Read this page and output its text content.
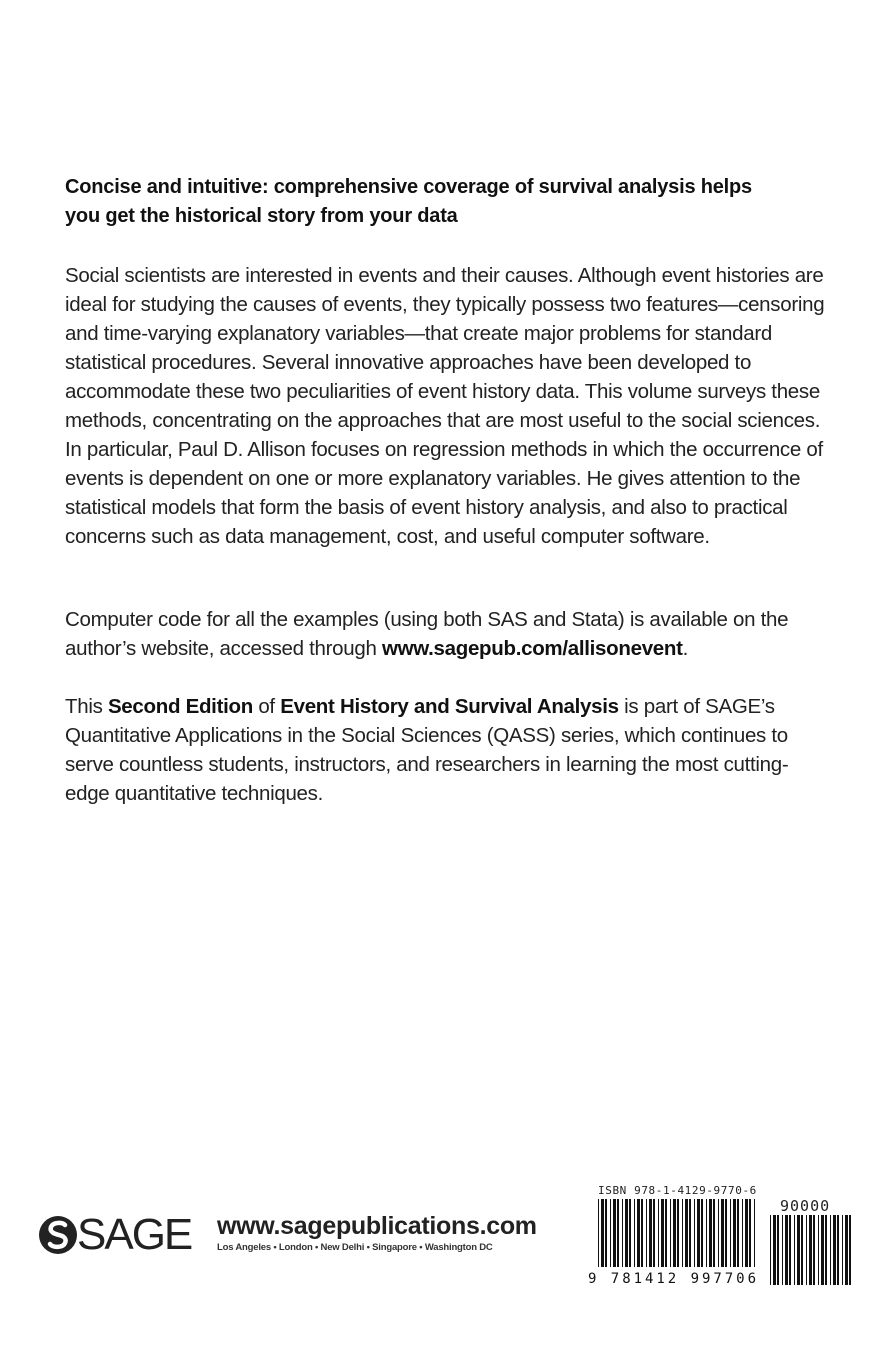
Concise and intuitive: comprehensive coverage of survival analysis helps
you get the historical story from your data
Social scientists are interested in events and their causes. Although event histories are ideal for studying the causes of events, they typically possess two features—censoring and time-varying explanatory variables—that create major problems for standard statistical procedures. Several innovative approaches have been developed to accommodate these two peculiarities of event history data. This volume surveys these methods, concentrating on the approaches that are most useful to the social sciences. In particular, Paul D. Allison focuses on regression methods in which the occurrence of events is dependent on one or more explanatory variables. He gives attention to the statistical models that form the basis of event history analysis, and also to practical concerns such as data management, cost, and useful computer software.
Computer code for all the examples (using both SAS and Stata) is available on the author’s website, accessed through www.sagepub.com/allisonevent.
This Second Edition of Event History and Survival Analysis is part of SAGE’s Quantitative Applications in the Social Sciences (QASS) series, which continues to serve countless students, instructors, and researchers in learning the most cutting-edge quantitative techniques.
SAGE www.sagepublications.com
Los Angeles • London • New Delhi • Singapore • Washington DC
ISBN 978-1-4129-9770-6
9 781412 997706
90000
